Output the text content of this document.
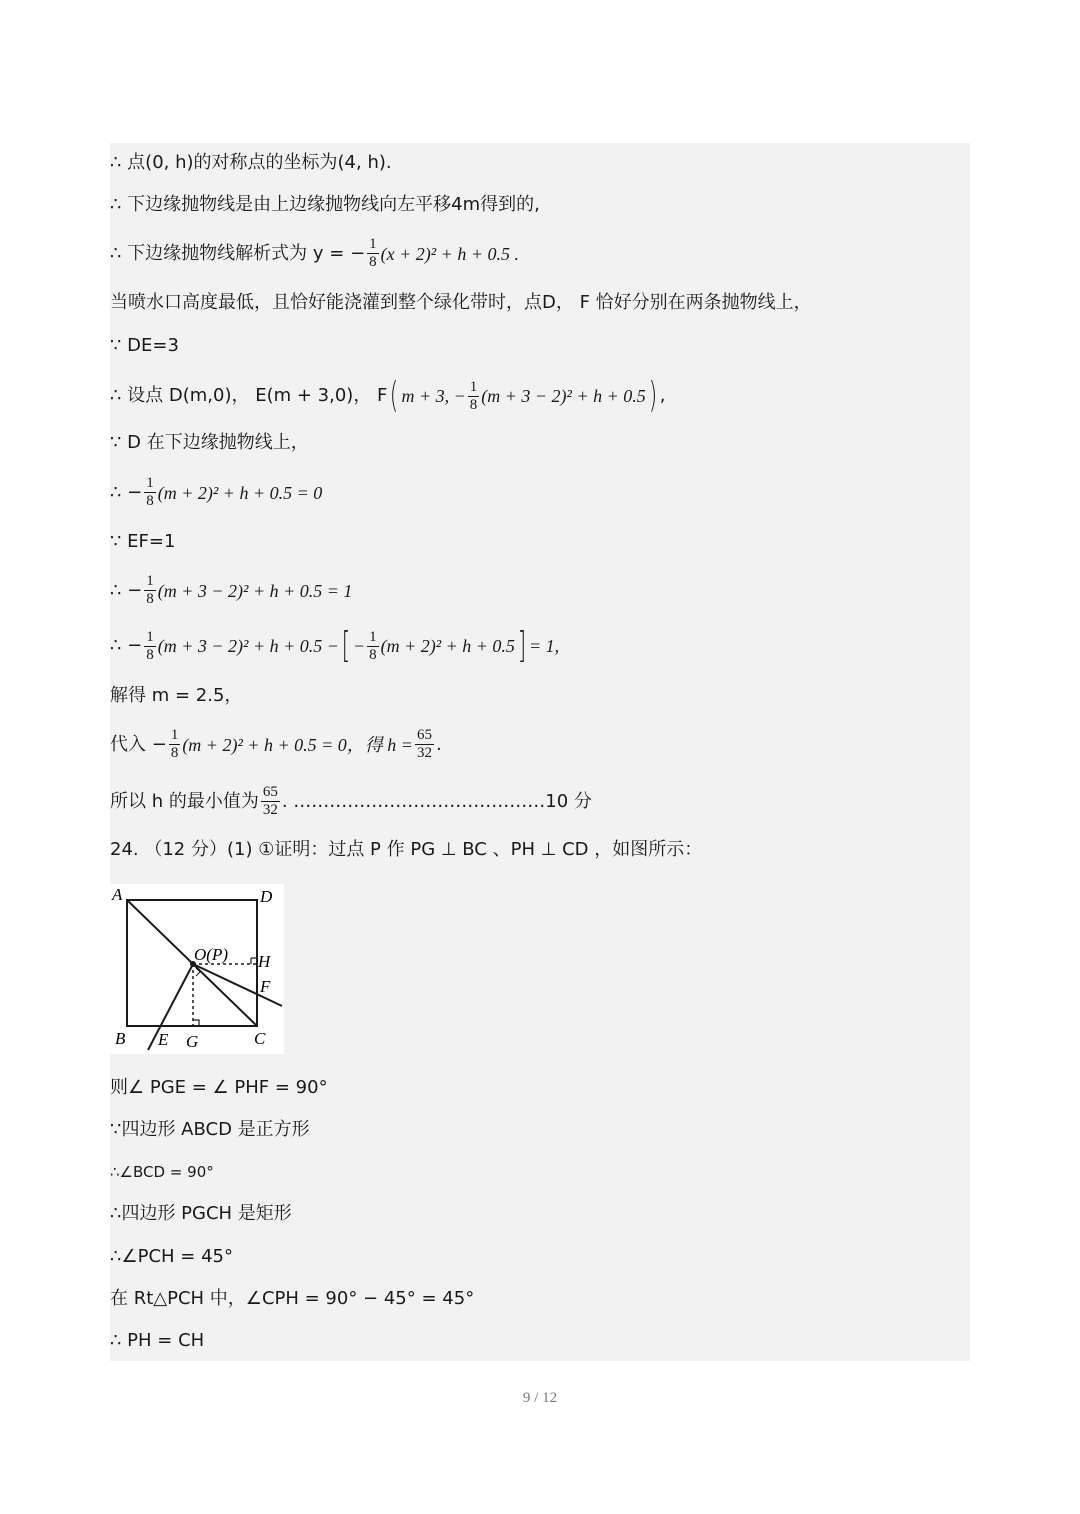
∴ 点(0, h)的对称点的坐标为(4, h).
∴ 下边缘抛物线是由上边缘抛物线向左平移4m得到的,
∴ 下边缘抛物线解析式为 y = − $\frac{1}{8} (x + 2)^2 + h + 0.5$ .
当喷水口高度最低，且恰好能浇灌到整个绿化带时，点D， F 恰好分别在两条抛物线上，
∵ DE=3
∴ 设点 D(m,0)， E(m + 3,0)， F ( m + 3, − $\frac{1}{8} (m + 3 - 2)^2 + h + 0.5$ ) ,
∵ D 在下边缘抛物线上，
∴ − $\frac{1}{8} (m + 2)^2 + h + 0.5 = 0$
∵ EF=1
∴ − $\frac{1}{8} (m + 3 - 2)^2 + h + 0.5 = 1$
∴ − $\frac{1}{8} (m + 3 - 2)^2 + h + 0.5$ − [ − $\frac{1}{8} (m + 2)^2 + h + 0.5$ ] = 1,
解得 m = 2.5，
代入 − $\frac{1}{8} (m + 2)^2 + h + 0.5 = 0$，得 $h = \frac{65}{32}$ .
所以 h 的最小值为 $\frac{65}{32}$ . ……………………………………10 分
24. （12 分）(1) ①证明：过点 P 作 PG ⊥ BC 、PH ⊥ CD ，如图所示：
A	D
B	C
O(P) H
F
E G
则∠ PGE = ∠ PHF = 90°
∵四边形 ABCD 是正方形
∴∠BCD = 90°
∴四边形 PGCH 是矩形
∴∠PCH = 45°
在 Rt△PCH 中，∠CPH = 90° − 45° = 45°
∴ PH = CH
9 / 12
